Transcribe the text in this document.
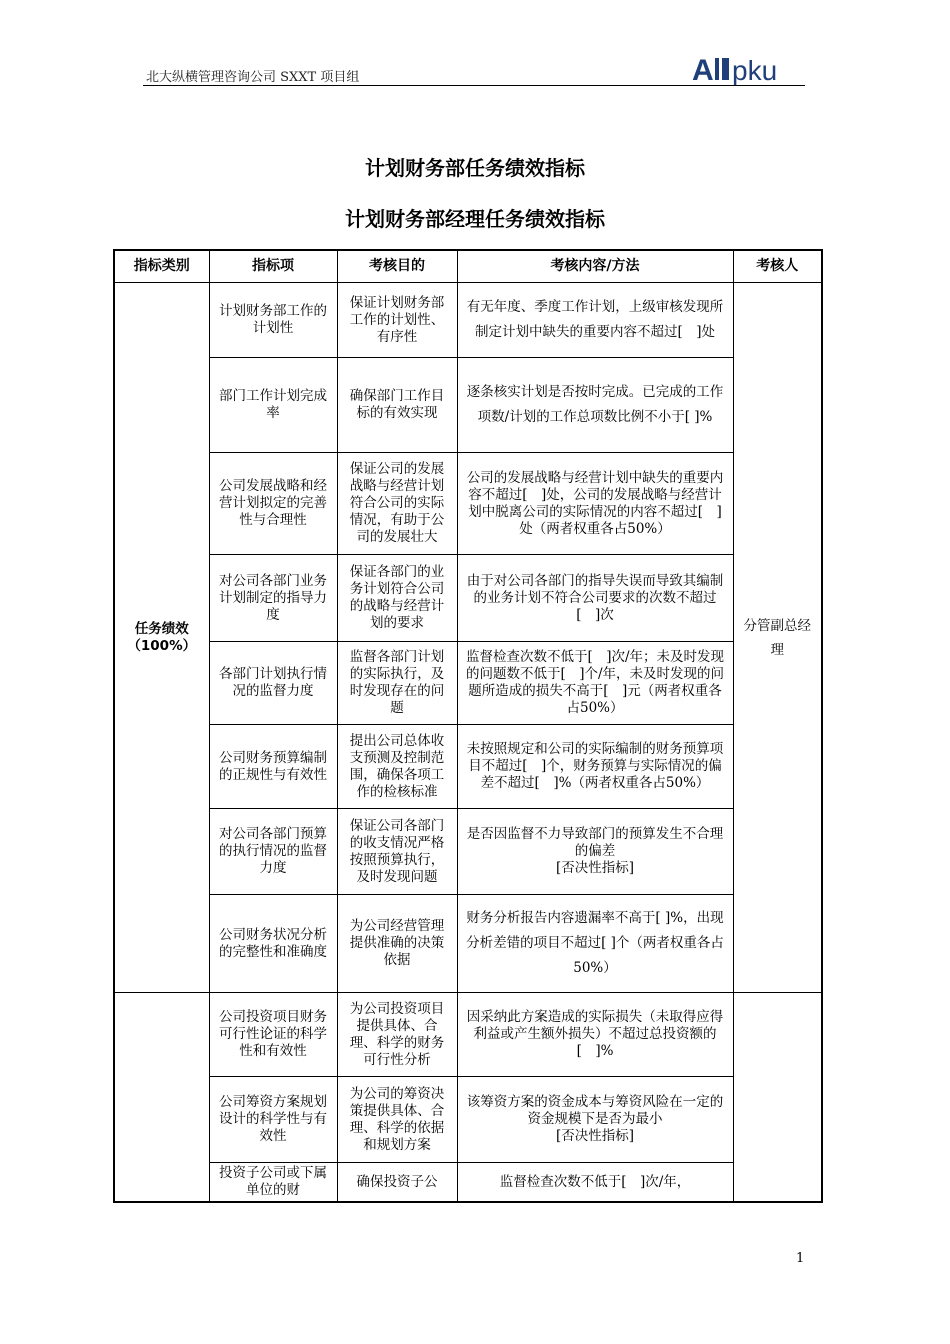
北大纵横管理咨询公司 SXXT 项目组	A pku
计划财务部任务绩效指标
计划财务部经理任务绩效指标
指标类别	指标项	考核目的	考核内容/方法	考核人

任务绩效
（100%）	计划财务部工作的计划性	保证计划财务部工作的计划性、有序性	有无年度、季度工作计划，上级审核发现所制定计划中缺失的重要内容不超过[　]处	分管副总经理
	部门工作计划完成率	确保部门工作目标的有效实现	逐条核实计划是否按时完成。已完成的工作项数/计划的工作总项数比例不小于[ ]%	
	公司发展战略和经营计划拟定的完善性与合理性	保证公司的发展战略与经营计划符合公司的实际情况，有助于公司的发展壮大	公司的发展战略与经营计划中缺失的重要内容不超过[　]处，公司的发展战略与经营计划中脱离公司的实际情况的内容不超过[　]处（两者权重各占50%）	
	对公司各部门业务计划制定的指导力度	保证各部门的业务计划符合公司的战略与经营计划的要求	由于对公司各部门的指导失误而导致其编制的业务计划不符合公司要求的次数不超过[　]次	
	各部门计划执行情况的监督力度	监督各部门计划的实际执行，及时发现存在的问题	监督检查次数不低于[　]次/年；未及时发现的问题数不低于[　]个/年，未及时发现的问题所造成的损失不高于[　]元（两者权重各占50%）	
	公司财务预算编制的正规性与有效性	提出公司总体收支预测及控制范围，确保各项工作的检核标准	未按照规定和公司的实际编制的财务预算项目不超过[　]个，财务预算与实际情况的偏差不超过[　]%（两者权重各占50%）	
	对公司各部门预算的执行情况的监督力度	保证公司各部门的收支情况严格按照预算执行，及时发现问题	是否因监督不力导致部门的预算发生不合理的偏差
[否决性指标]	

	公司财务状况分析的完整性和准确度	为公司经营管理提供准确的决策依据	财务分析报告内容遗漏率不高于[ ]%，出现分析差错的项目不超过[ ]个（两者权重各占50%）	
	公司投资项目财务可行性论证的科学性和有效性	为公司投资项目提供具体、合理、科学的财务可行性分析	因采纳此方案造成的实际损失（未取得应得利益或产生额外损失）不超过总投资额的[　]%	
	公司筹资方案规划设计的科学性与有效性	为公司的筹资决策提供具体、合理、科学的依据和规划方案	该筹资方案的资金成本与筹资风险在一定的资金规模下是否为最小
[否决性指标]	

	投资子公司或下属单位的财	确保投资子公	监督检查次数不低于[　]次/年，	
1
